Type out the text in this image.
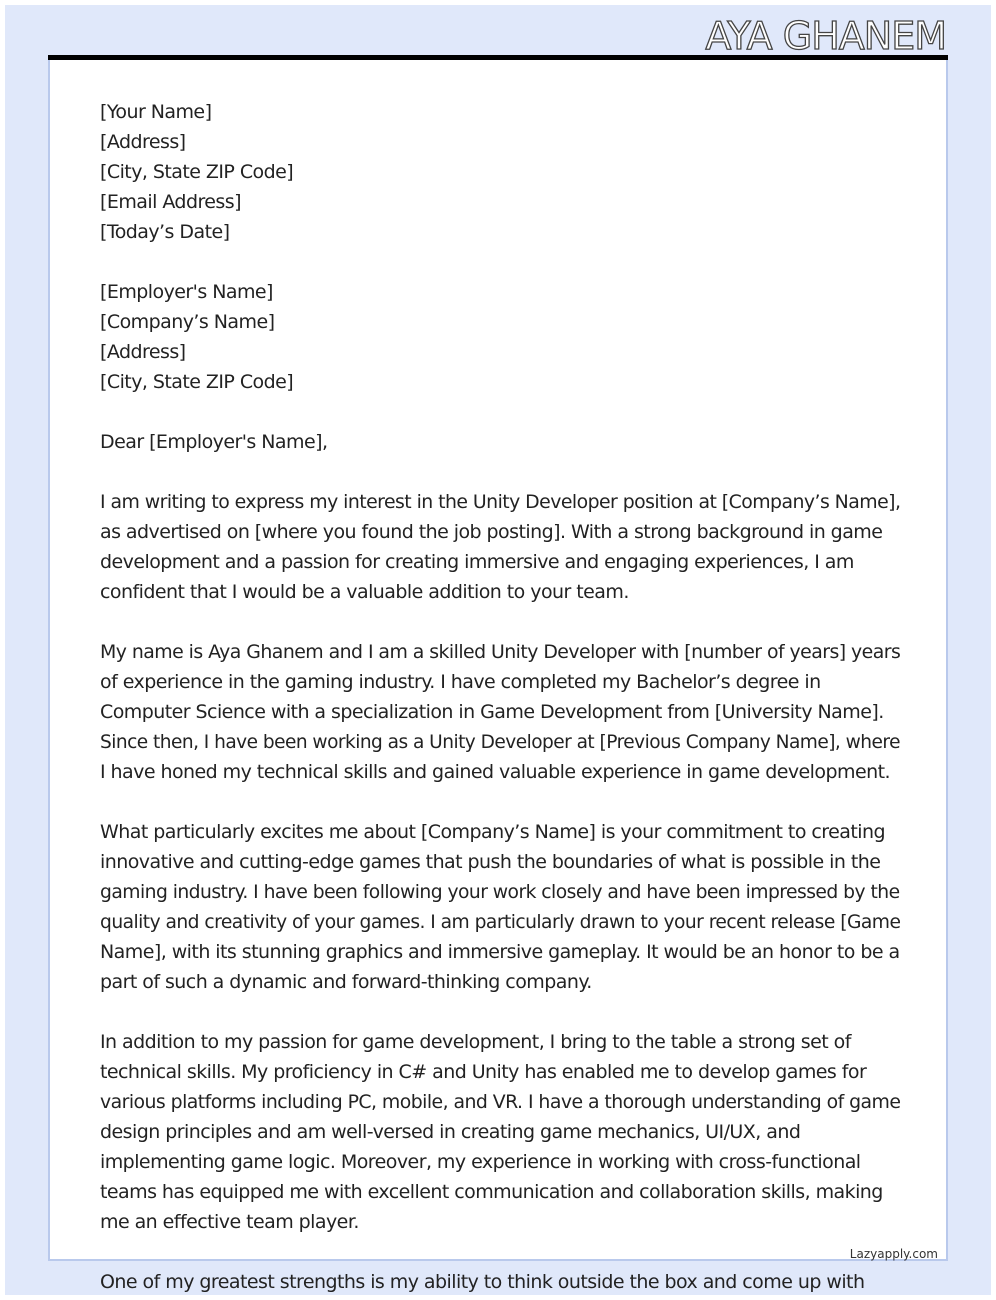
AYA GHANEM
Lazyapply.com
[Your Name]
[Address]
[City, State ZIP Code]
[Email Address]
[Today’s Date]
[Employer's Name]
[Company’s Name]
[Address]
[City, State ZIP Code]
Dear [Employer's Name],
I am writing to express my interest in the Unity Developer position at [Company’s Name],
as advertised on [where you found the job posting]. With a strong background in game
development and a passion for creating immersive and engaging experiences, I am
confident that I would be a valuable addition to your team.
My name is Aya Ghanem and I am a skilled Unity Developer with [number of years] years
of experience in the gaming industry. I have completed my Bachelor’s degree in
Computer Science with a specialization in Game Development from [University Name].
Since then, I have been working as a Unity Developer at [Previous Company Name], where
I have honed my technical skills and gained valuable experience in game development.
What particularly excites me about [Company’s Name] is your commitment to creating
innovative and cutting-edge games that push the boundaries of what is possible in the
gaming industry. I have been following your work closely and have been impressed by the
quality and creativity of your games. I am particularly drawn to your recent release [Game
Name], with its stunning graphics and immersive gameplay. It would be an honor to be a
part of such a dynamic and forward-thinking company.
In addition to my passion for game development, I bring to the table a strong set of
technical skills. My proficiency in C# and Unity has enabled me to develop games for
various platforms including PC, mobile, and VR. I have a thorough understanding of game
design principles and am well-versed in creating game mechanics, UI/UX, and
implementing game logic. Moreover, my experience in working with cross-functional
teams has equipped me with excellent communication and collaboration skills, making
me an effective team player.
One of my greatest strengths is my ability to think outside the box and come up with
